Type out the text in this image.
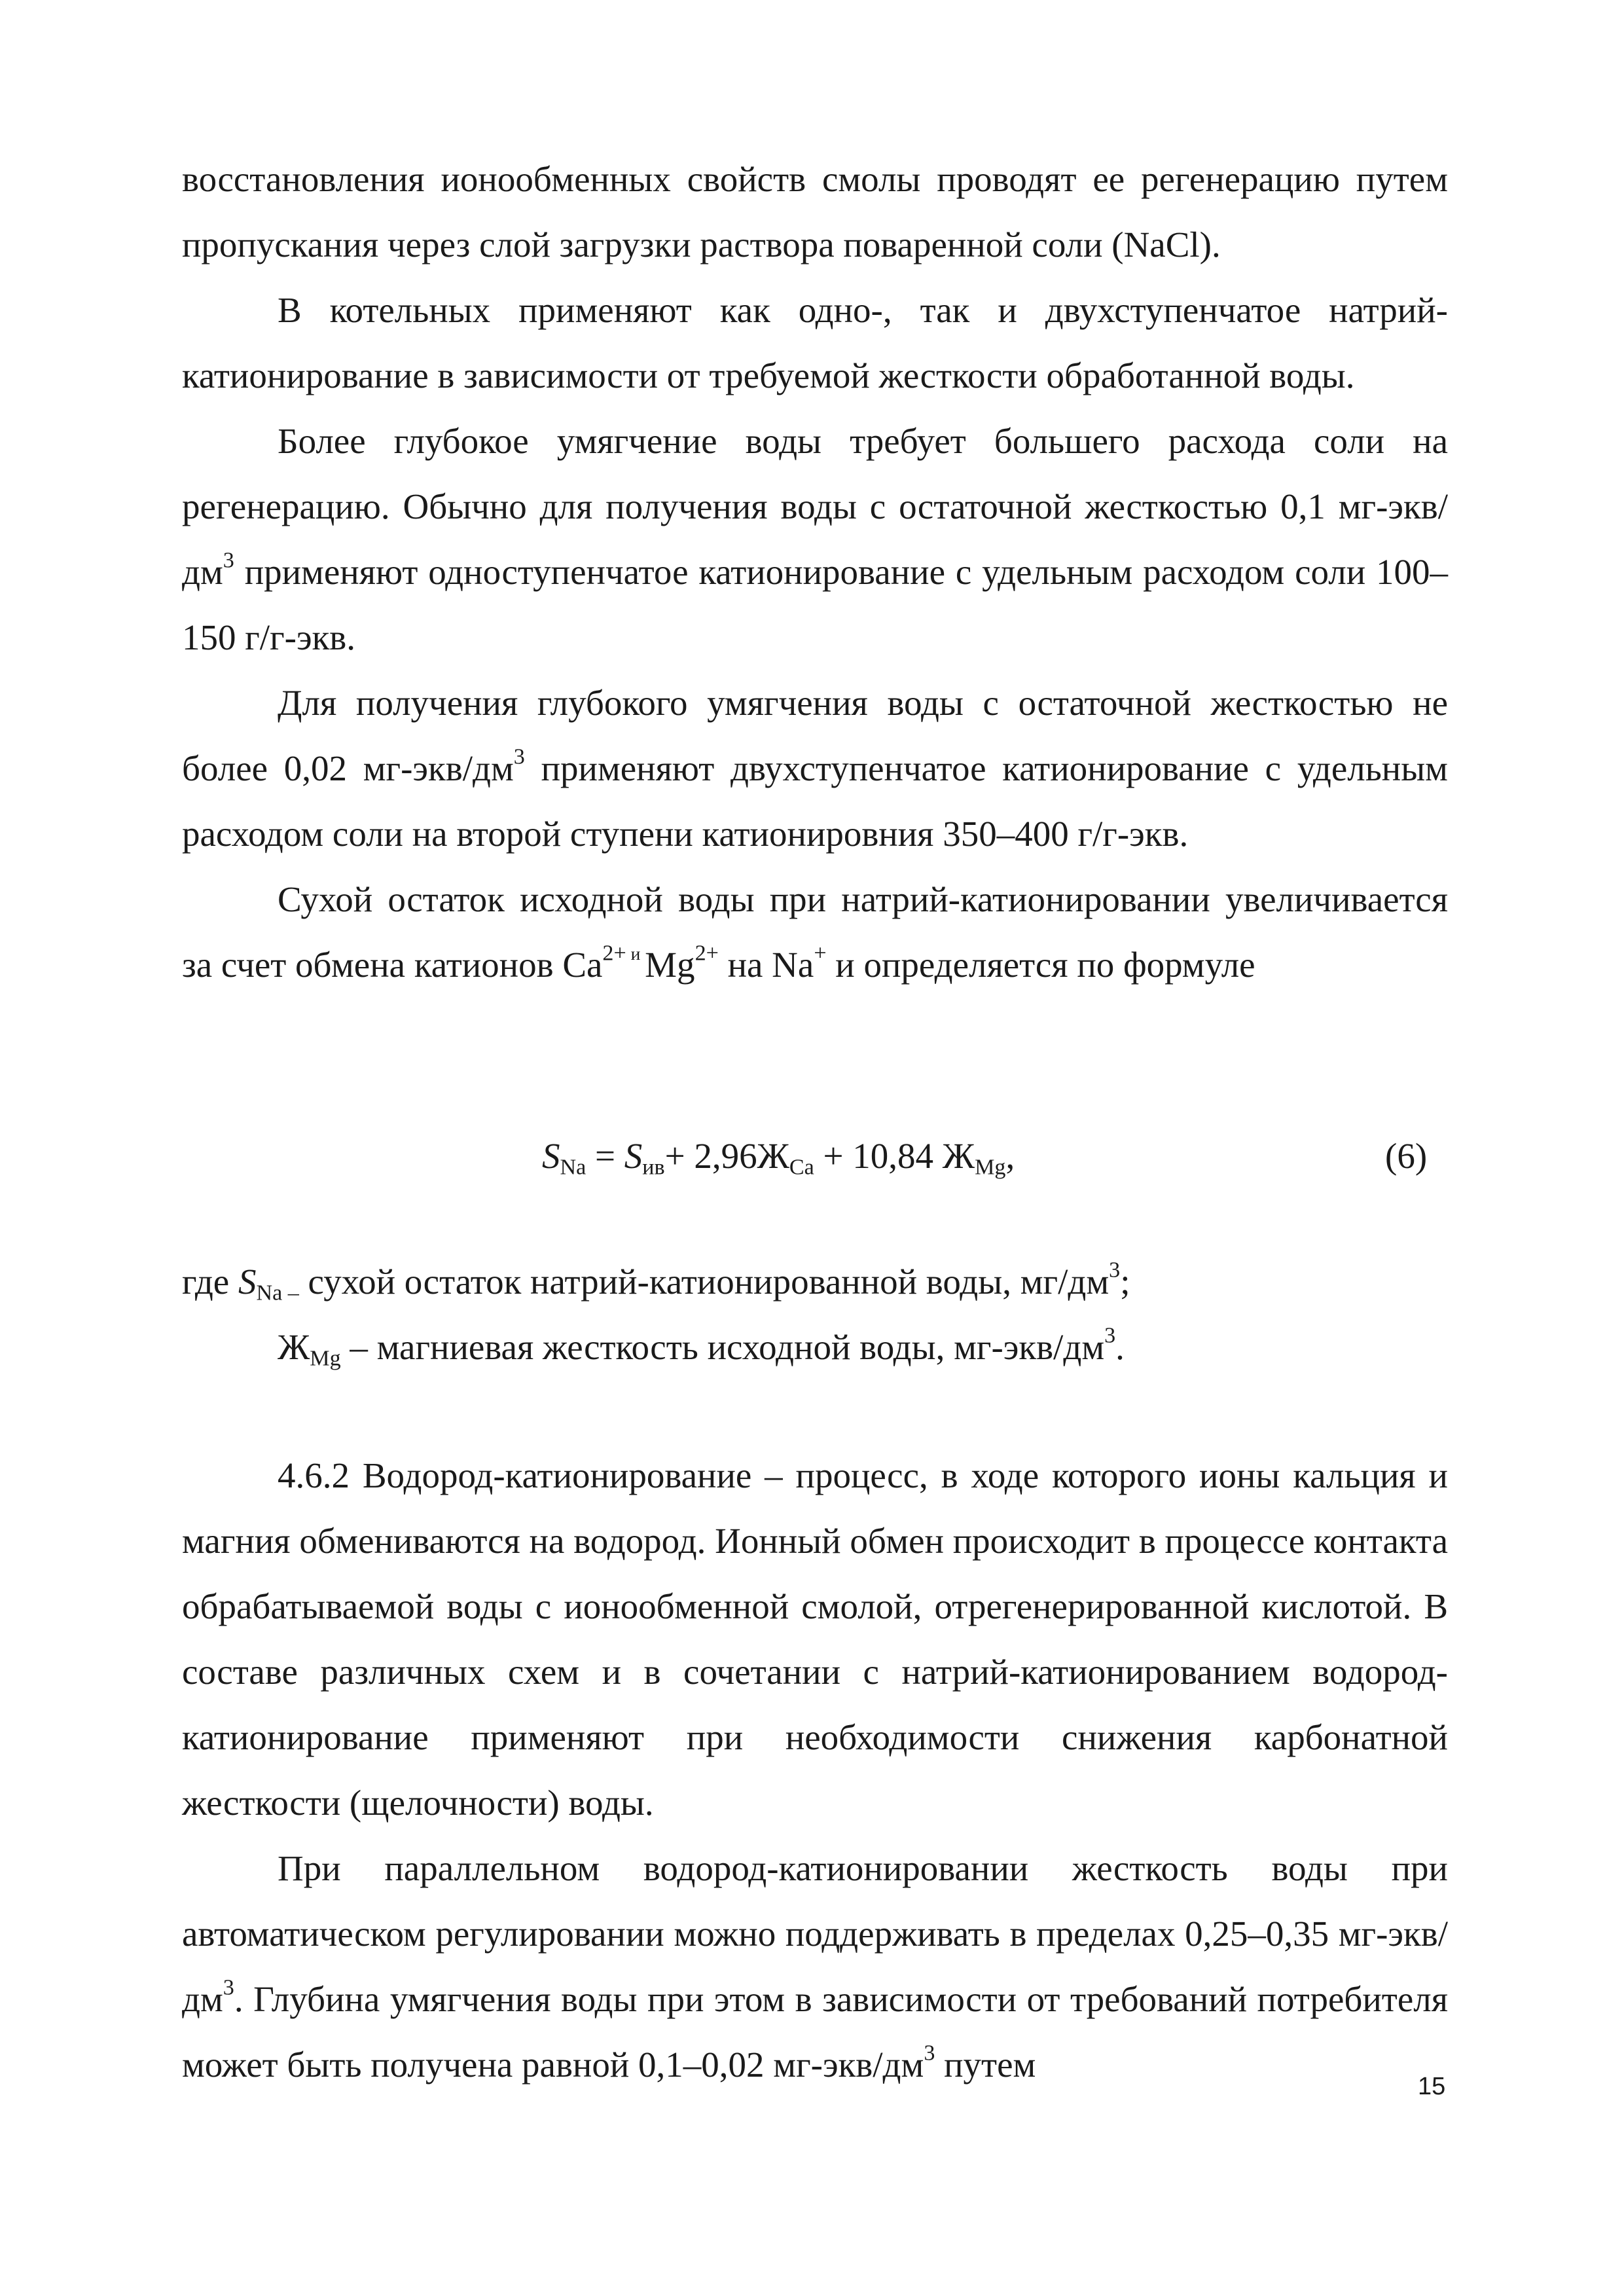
восстановления ионообменных свойств смолы проводят ее регенерацию путем пропускания через слой загрузки раствора поваренной соли (NaCl).

В котельных применяют как одно-, так и двухступенчатое натрий-катионирование в зависимости от требуемой жесткости обработанной воды.

Более глубокое умягчение воды требует большего расхода соли на регенерацию. Обычно для получения воды с остаточной жесткостью 0,1 $мг-экв/дм^3$ применяют одноступенчатое катионирование с удельным расходом соли 100–150 г/г-экв.

Для получения глубокого умягчения воды с остаточной жесткостью не более 0,02 $мг-экв/дм^3$ применяют двухступенчатое катионирование с удельным расходом соли на второй ступени катионировния 350–400 г/г-экв.

Сухой остаток исходной воды при натрий-катионировании увеличивается за счет обмена катионов $Ca^{2+}$ $^и$ $Mg^{2+}$ на Na+ и определяется по формуле

$S_{Na} = S_{ив}+ 2,96Ж_{Ca} + 10,84$ $Ж_{Mg}$,	(6)

где $S_{Na -}$ сухой остаток натрий-катионированной воды, $мг/дм^3$;

$Ж_{Mg}$ – магниевая жесткость исходной воды, $мг-экв/дм^3$.

4.6.2 Водород-катионирование – процесс, в ходе которого ионы кальция и магния обмениваются на водород. Ионный обмен происходит в процессе контакта обрабатываемой воды с ионообменной смолой, отрегенерированной кислотой. В составе различных схем и в сочетании с натрий-катионированием водород-катионирование применяют при необходимости снижения карбонатной жесткости (щелочности) воды.

При параллельном водород-катионировании жесткость воды при автоматическом регулировании можно поддерживать в пределах 0,25–0,35 $мг-экв/дм^3$. Глубина умягчения воды при этом в зависимости от требований потребителя может быть получена равной 0,1–0,02 $мг-экв/дм^3$ путем

15
